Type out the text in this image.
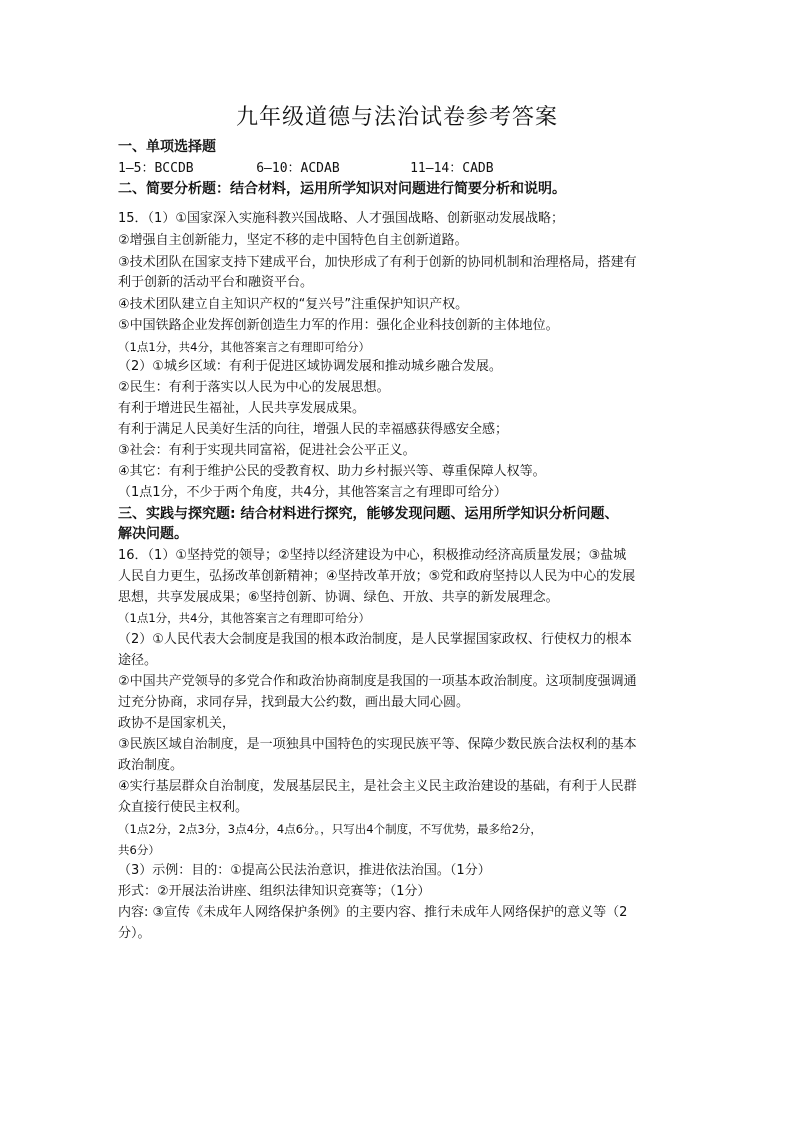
九年级道德与法治试卷参考答案
一、单项选择题
1—5：BCCDB        6—10：ACDAB         11—14：CADB
二、简要分析题：结合材料，运用所学知识对问题进行简要分析和说明。
15．（1）①国家深入实施科教兴国战略、人才强国战略、创新驱动发展战略；
②增强自主创新能力，坚定不移的走中国特色自主创新道路。
③技术团队在国家支持下建成平台，加快形成了有利于创新的协同机制和治理格局，搭建有
利于创新的活动平台和融资平台。
④技术团队建立自主知识产权的“复兴号”注重保护知识产权。
⑤中国铁路企业发挥创新创造生力军的作用：强化企业科技创新的主体地位。
（1点1分，共4分，其他答案言之有理即可给分）
（2）①城乡区域：有利于促进区域协调发展和推动城乡融合发展。
②民生：有利于落实以人民为中心的发展思想。
有利于增进民生福祉，人民共享发展成果。
有利于满足人民美好生活的向往，增强人民的幸福感获得感安全感；
③社会：有利于实现共同富裕，促进社会公平正义。
④其它：有利于维护公民的受教育权、助力乡村振兴等、尊重保障人权等。
（1点1分，不少于两个角度，共4分，其他答案言之有理即可给分）
三、实践与探究题: 结合材料进行探究，能够发现问题、运用所学知识分析问题、
解决问题。
16．（1）①坚持党的领导；②坚持以经济建设为中心，积极推动经济高质量发展；③盐城
人民自力更生，弘扬改革创新精神；④坚持改革开放；⑤党和政府坚持以人民为中心的发展
思想，共享发展成果；⑥坚持创新、协调、绿色、开放、共享的新发展理念。
（1点1分，共4分，其他答案言之有理即可给分）
（2）①人民代表大会制度是我国的根本政治制度，是人民掌握国家政权、行使权力的根本
途径。
②中国共产党领导的多党合作和政治协商制度是我国的一项基本政治制度。这项制度强调通
过充分协商，求同存异，找到最大公约数，画出最大同心圆。
政协不是国家机关，
③民族区域自治制度，是一项独具中国特色的实现民族平等、保障少数民族合法权利的基本
政治制度。
④实行基层群众自治制度，发展基层民主，是社会主义民主政治建设的基础，有利于人民群
众直接行使民主权利。
（1点2分，2点3分，3点4分，4点6分。，只写出4个制度，不写优势，最多给2分，
共6分）
（3）示例：目的：①提高公民法治意识，推进依法治国。（1分）
形式：②开展法治讲座、组织法律知识竞赛等；（1分）
内容: ③宣传《未成年人网络保护条例》的主要内容、推行未成年人网络保护的意义等（2
分）。
